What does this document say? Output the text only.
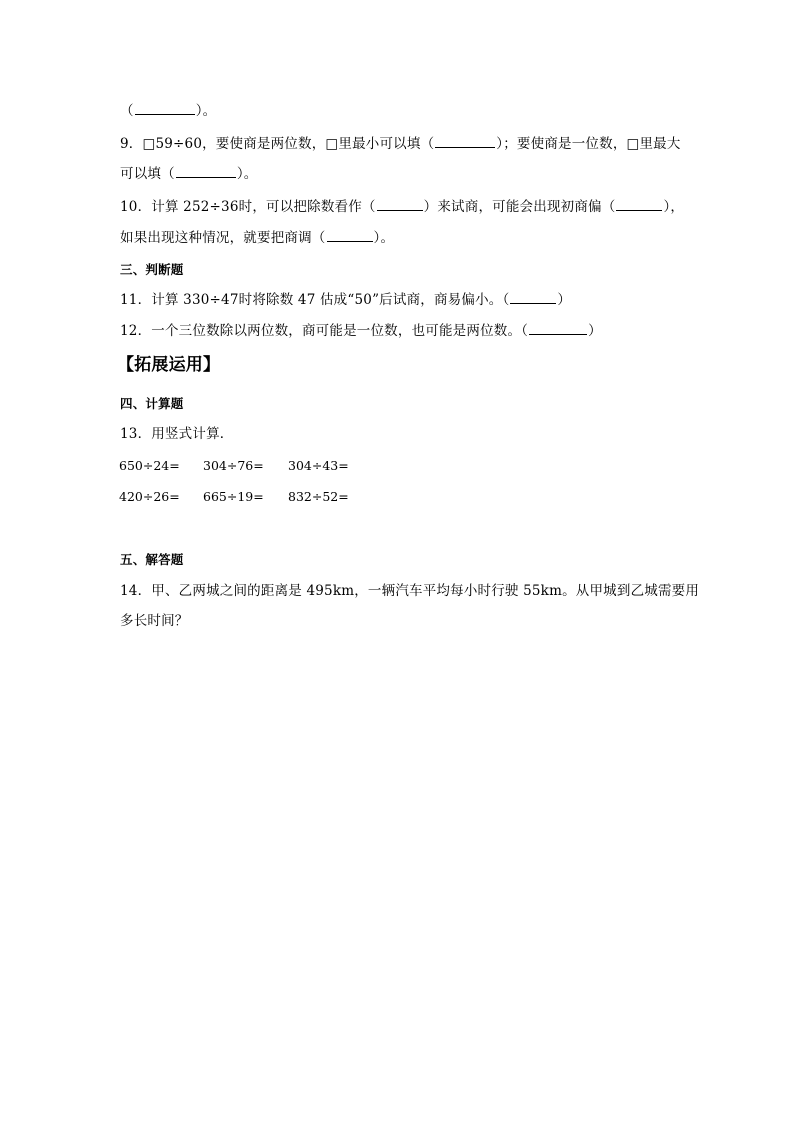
（	）。
9．□59÷60，要使商是两位数，□里最小可以填（	）；要使商是一位数，□里最大
可以填（	）。
10．计算 252÷36时，可以把除数看作（	）来试商，可能会出现初商偏（	），
如果出现这种情况，就要把商调（	）。
三、判断题
11．计算 330÷47时将除数 47 估成“50”后试商，商易偏小。（	）
12．一个三位数除以两位数，商可能是一位数，也可能是两位数。（	）
【拓展运用】
四、计算题
13．用竖式计算．
650÷24= 304÷76= 304÷43=
420÷26= 665÷19= 832÷52=
五、解答题
14．甲、乙两城之间的距离是 495km，一辆汽车平均每小时行驶 55km。从甲城到乙城需要用
多长时间？
